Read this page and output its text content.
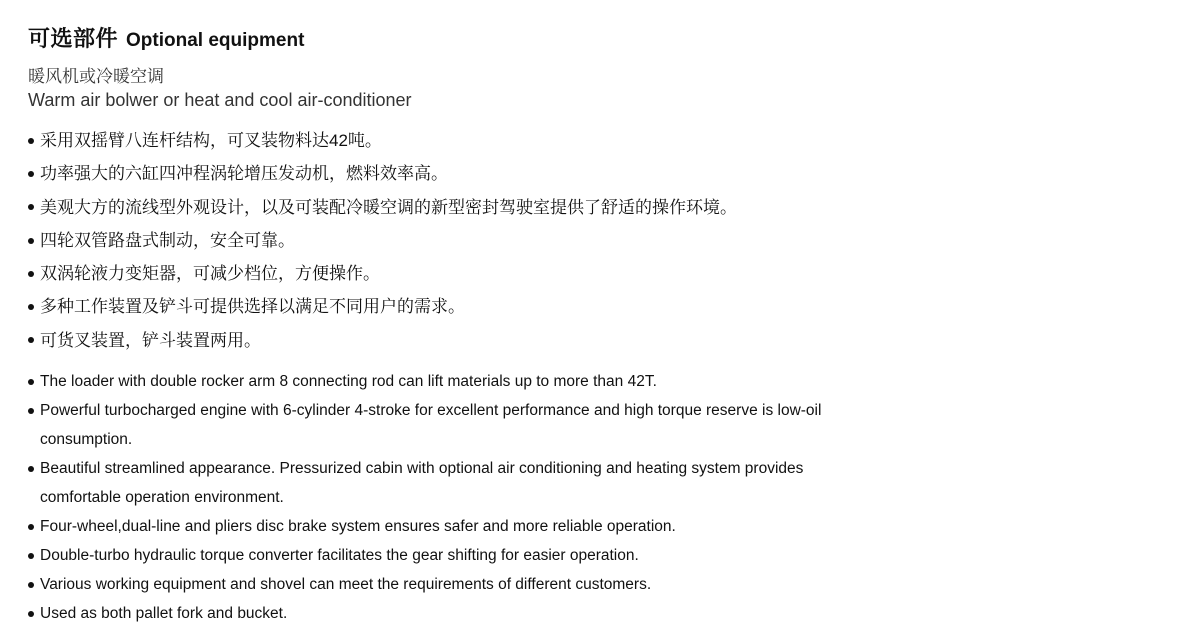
可选部件 Optional equipment
暖风机或冷暖空调
Warm air bolwer or heat and cool air-conditioner
采用双摇臂八连杆结构，可叉装物料达42吨。
功率强大的六缸四冲程涡轮增压发动机，燃料效率高。
美观大方的流线型外观设计，以及可装配冷暖空调的新型密封驾驶室提供了舒适的操作环境。
四轮双管路盘式制动，安全可靠。
双涡轮液力变矩器，可减少档位，方便操作。
多种工作装置及铲斗可提供选择以满足不同用户的需求。
可货叉装置，铲斗装置两用。
The loader with double rocker arm 8 connecting rod can lift materials up to more than 42T.
Powerful turbocharged engine with 6-cylinder 4-stroke for excellent performance and high torque reserve is low-oil consumption.
Beautiful streamlined appearance. Pressurized cabin with optional air conditioning and heating system provides comfortable operation environment.
Four-wheel,dual-line and pliers disc brake system ensures safer and more reliable operation.
Double-turbo hydraulic torque converter facilitates the gear shifting for easier operation.
Various working equipment and shovel can meet the requirements of different customers.
Used as both pallet fork and bucket.
